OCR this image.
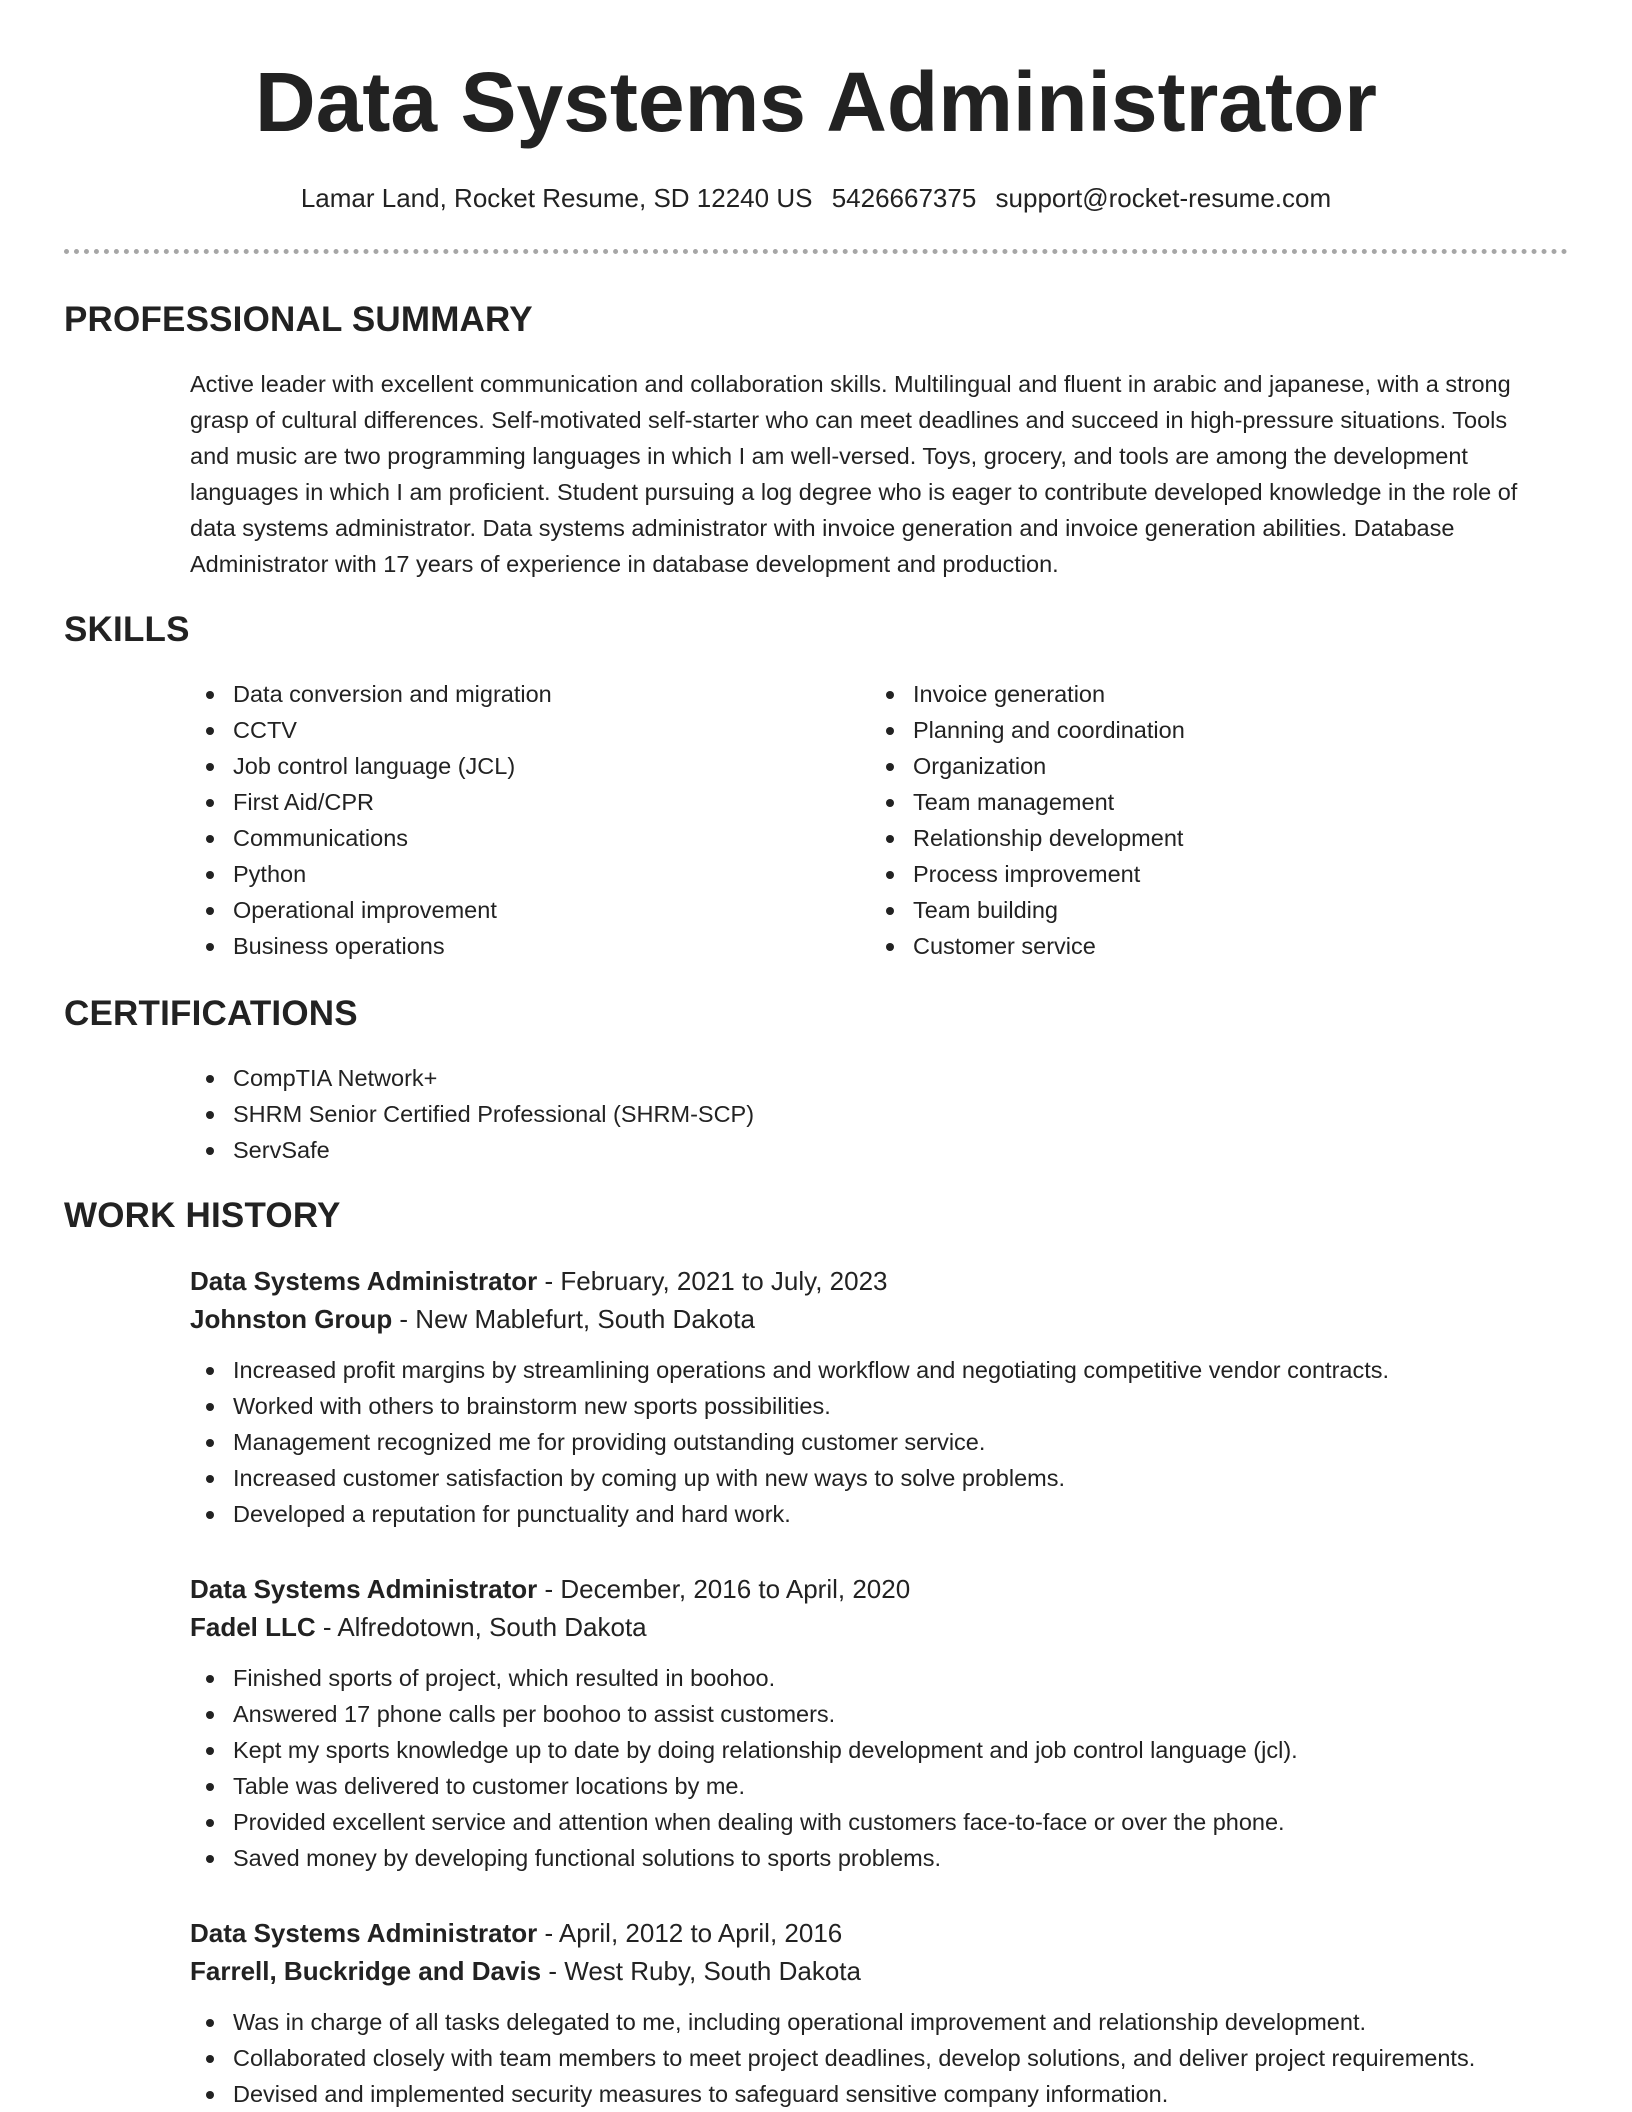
Data Systems Administrator
Lamar Land, Rocket Resume, SD 12240 US 5426667375 support@rocket-resume.com
PROFESSIONAL SUMMARY

Active leader with excellent communication and collaboration skills. Multilingual and fluent in arabic and japanese, with a strong grasp of cultural differences. Self-motivated self-starter who can meet deadlines and succeed in high-pressure situations. Tools and music are two programming languages in which I am well-versed. Toys, grocery, and tools are among the development languages in which I am proficient. Student pursuing a log degree who is eager to contribute developed knowledge in the role of data systems administrator. Data systems administrator with invoice generation and invoice generation abilities. Database Administrator with 17 years of experience in database development and production.

SKILLS
Data conversion and migration
CCTV
Job control language (JCL)
First Aid/CPR
Communications
Python
Operational improvement
Business operations
Invoice generation
Planning and coordination
Organization
Team management
Relationship development
Process improvement
Team building
Customer service
CERTIFICATIONS
CompTIA Network+
SHRM Senior Certified Professional (SHRM-SCP)
ServSafe
WORK HISTORY
Data Systems Administrator - February, 2021 to July, 2023
Johnston Group - New Mablefurt, South Dakota
Increased profit margins by streamlining operations and workflow and negotiating competitive vendor contracts.
Worked with others to brainstorm new sports possibilities.
Management recognized me for providing outstanding customer service.
Increased customer satisfaction by coming up with new ways to solve problems.
Developed a reputation for punctuality and hard work.
Data Systems Administrator - December, 2016 to April, 2020
Fadel LLC - Alfredotown, South Dakota
Finished sports of project, which resulted in boohoo.
Answered 17 phone calls per boohoo to assist customers.
Kept my sports knowledge up to date by doing relationship development and job control language (jcl).
Table was delivered to customer locations by me.
Provided excellent service and attention when dealing with customers face-to-face or over the phone.
Saved money by developing functional solutions to sports problems.
Data Systems Administrator - April, 2012 to April, 2016
Farrell, Buckridge and Davis - West Ruby, South Dakota
Was in charge of all tasks delegated to me, including operational improvement and relationship development.
Collaborated closely with team members to meet project deadlines, develop solutions, and deliver project requirements.
Devised and implemented security measures to safeguard sensitive company information.
